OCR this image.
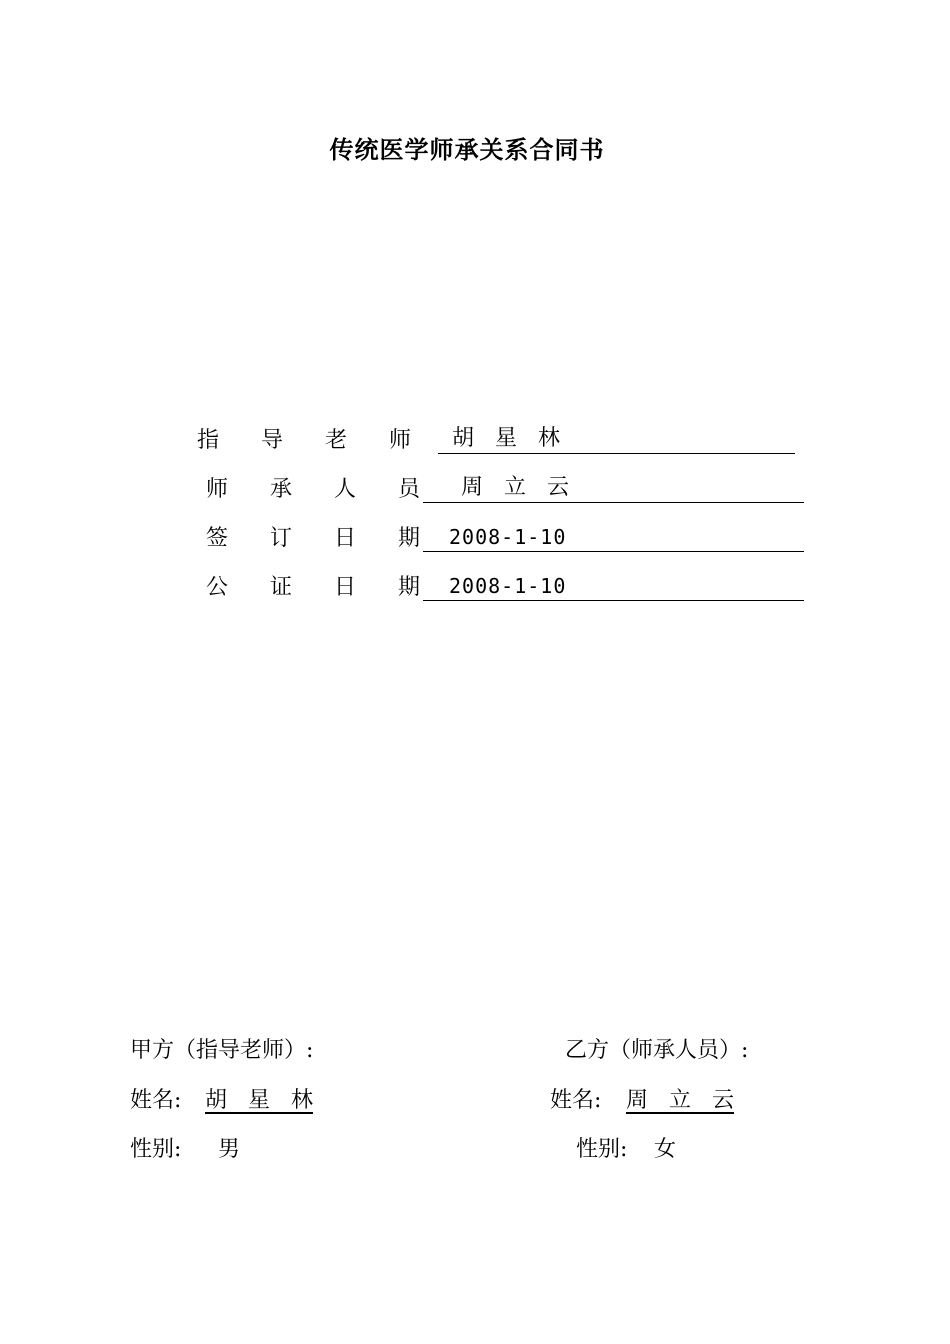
传统医学师承关系合同书
指 导 老 师	胡   星   林
师 承 人 员	周   立   云
签 订 日 期	2008-1-10
公 证 日 期	2008-1-10
甲方（指导老师）:
姓名: 胡   星   林
性别: 男
乙方（师承人员）:
姓名: 周   立   云
性别: 女
